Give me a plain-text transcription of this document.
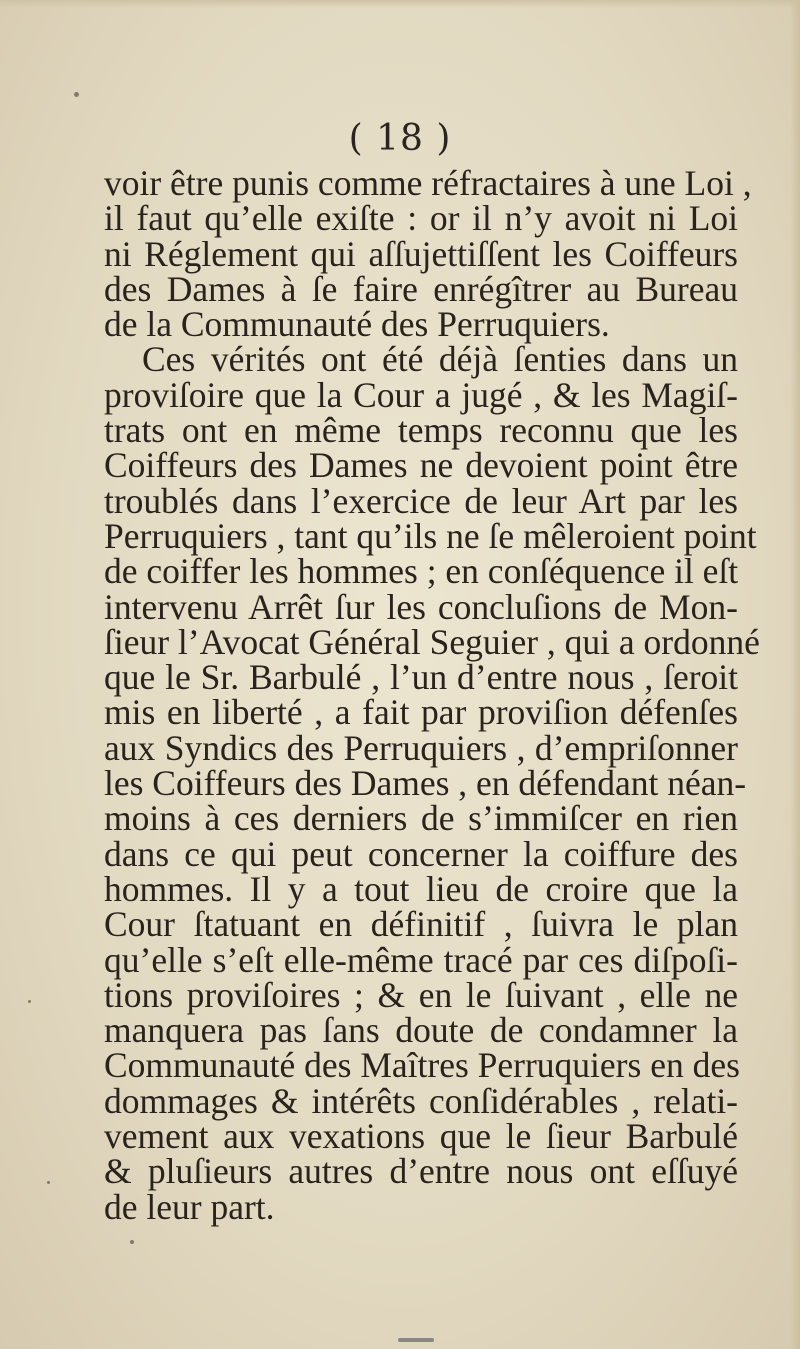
( 18 )
voir être punis comme réfractaires à une Loi ,
il faut qu’elle exiſte : or il n’y avoit ni Loi
ni Réglement qui aſſujettiſſent les Coiffeurs
des Dames à ſe faire enrégîtrer au Bureau
de la Communauté des Perruquiers.
Ces vérités ont été déjà ſenties dans un
proviſoire que la Cour a jugé , & les Magiſ-
trats ont en même temps reconnu que les
Coiffeurs des Dames ne devoient point être
troublés dans l’exercice de leur Art par les
Perruquiers , tant qu’ils ne ſe mêleroient point
de coiffer les hommes ; en conſéquence il eſt
intervenu Arrêt ſur les concluſions de Mon-
ſieur l’Avocat Général Seguier , qui a ordonné
que le Sr. Barbulé , l’un d’entre nous , ſeroit
mis en liberté , a fait par proviſion défenſes
aux Syndics des Perruquiers , d’empriſonner
les Coiffeurs des Dames , en défendant néan-
moins à ces derniers de s’immiſcer en rien
dans ce qui peut concerner la coiffure des
hommes. Il y a tout lieu de croire que la
Cour ſtatuant en définitif , ſuivra le plan
qu’elle s’eſt elle-même tracé par ces diſpoſi-
tions proviſoires ; & en le ſuivant , elle ne
manquera pas ſans doute de condamner la
Communauté des Maîtres Perruquiers en des
dommages & intérêts conſidérables , relati-
vement aux vexations que le ſieur Barbulé
& pluſieurs autres d’entre nous ont eſſuyé
de leur part.
